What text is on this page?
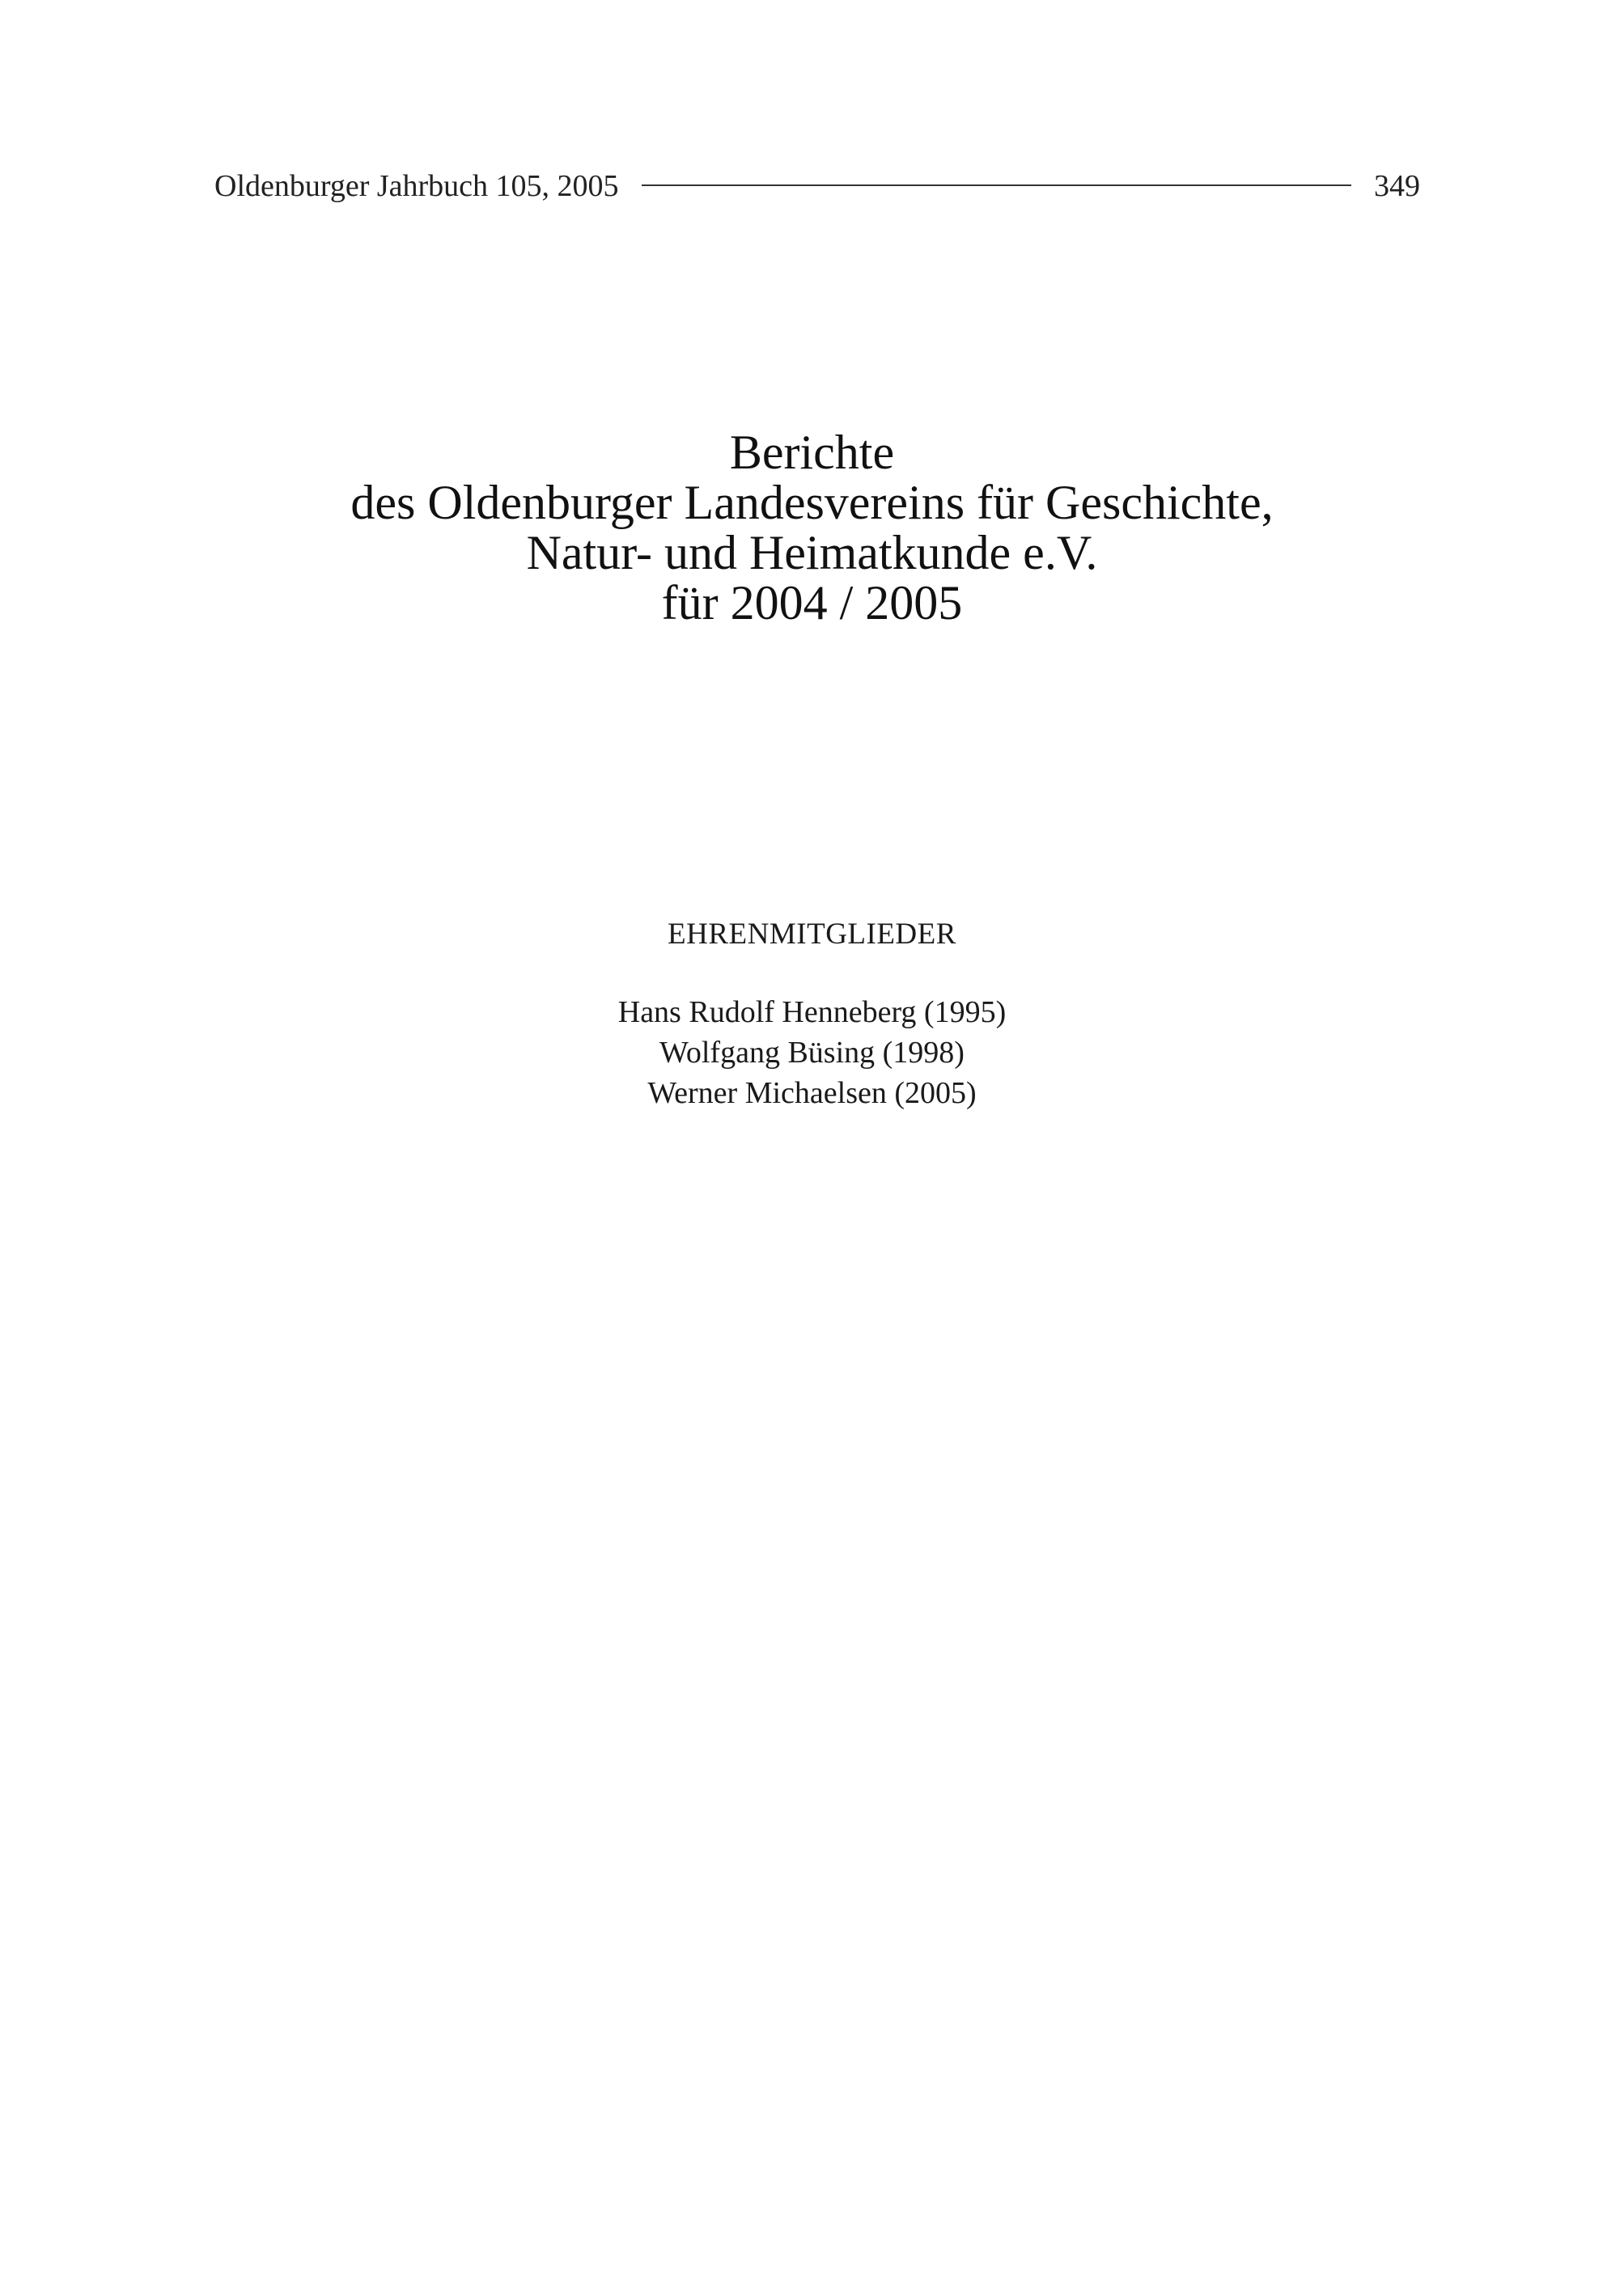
Oldenburger Jahrbuch 105, 2005	349
Berichte
des Oldenburger Landesvereins für Geschichte,
Natur- und Heimatkunde e.V.
für 2004 / 2005
EHRENMITGLIEDER
Hans Rudolf Henneberg (1995)
Wolfgang Büsing (1998)
Werner Michaelsen (2005)
